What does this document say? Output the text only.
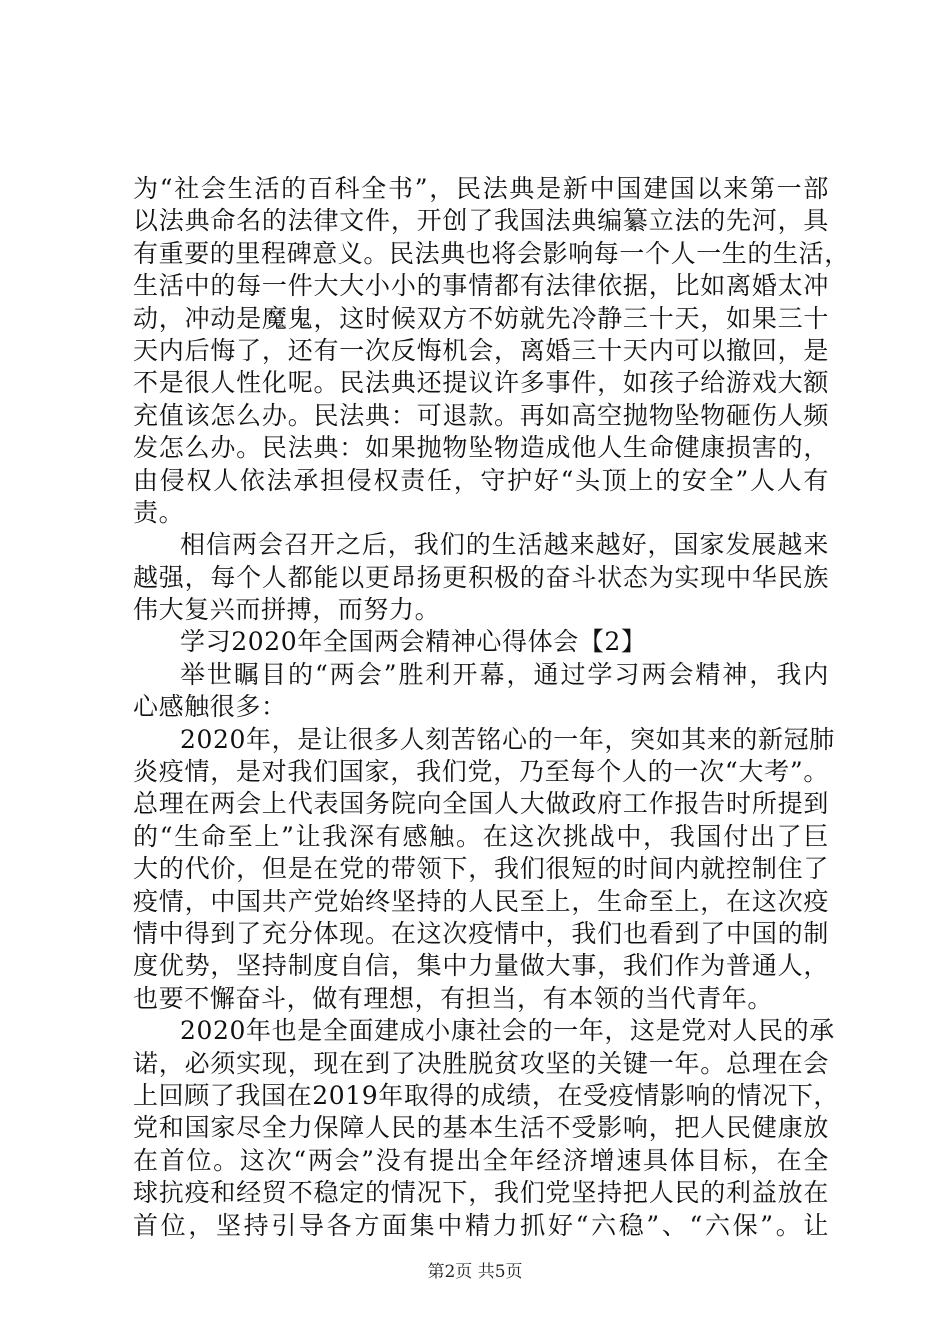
为“社会生活的百科全书”，民法典是新中国建国以来第一部
以法典命名的法律文件，开创了我国法典编纂立法的先河，具
有重要的里程碑意义。民法典也将会影响每一个人一生的生活，
生活中的每一件大大小小的事情都有法律依据，比如离婚太冲
动，冲动是魔鬼，这时候双方不妨就先冷静三十天，如果三十
天内后悔了，还有一次反悔机会，离婚三十天内可以撤回，是
不是很人性化呢。民法典还提议许多事件，如孩子给游戏大额
充值该怎么办。民法典：可退款。再如高空抛物坠物砸伤人频
发怎么办。民法典：如果抛物坠物造成他人生命健康损害的，
由侵权人依法承担侵权责任，守护好“头顶上的安全”人人有
责。
相信两会召开之后，我们的生活越来越好，国家发展越来
越强，每个人都能以更昂扬更积极的奋斗状态为实现中华民族
伟大复兴而拼搏，而努力。
学习2020年全国两会精神心得体会【2】
举世瞩目的“两会”胜利开幕，通过学习两会精神，我内
心感触很多：
2020年，是让很多人刻苦铭心的一年，突如其来的新冠肺
炎疫情，是对我们国家，我们党，乃至每个人的一次“大考”。
总理在两会上代表国务院向全国人大做政府工作报告时所提到
的“生命至上”让我深有感触。在这次挑战中，我国付出了巨
大的代价，但是在党的带领下，我们很短的时间内就控制住了
疫情，中国共产党始终坚持的人民至上，生命至上，在这次疫
情中得到了充分体现。在这次疫情中，我们也看到了中国的制
度优势，坚持制度自信，集中力量做大事，我们作为普通人，
也要不懈奋斗，做有理想，有担当，有本领的当代青年。
2020年也是全面建成小康社会的一年，这是党对人民的承
诺，必须实现，现在到了决胜脱贫攻坚的关键一年。总理在会
上回顾了我国在2019年取得的成绩，在受疫情影响的情况下，
党和国家尽全力保障人民的基本生活不受影响，把人民健康放
在首位。这次“两会”没有提出全年经济增速具体目标，在全
球抗疫和经贸不稳定的情况下，我们党坚持把人民的利益放在
首位，坚持引导各方面集中精力抓好“六稳”、“六保”。让
第2页 共5页
